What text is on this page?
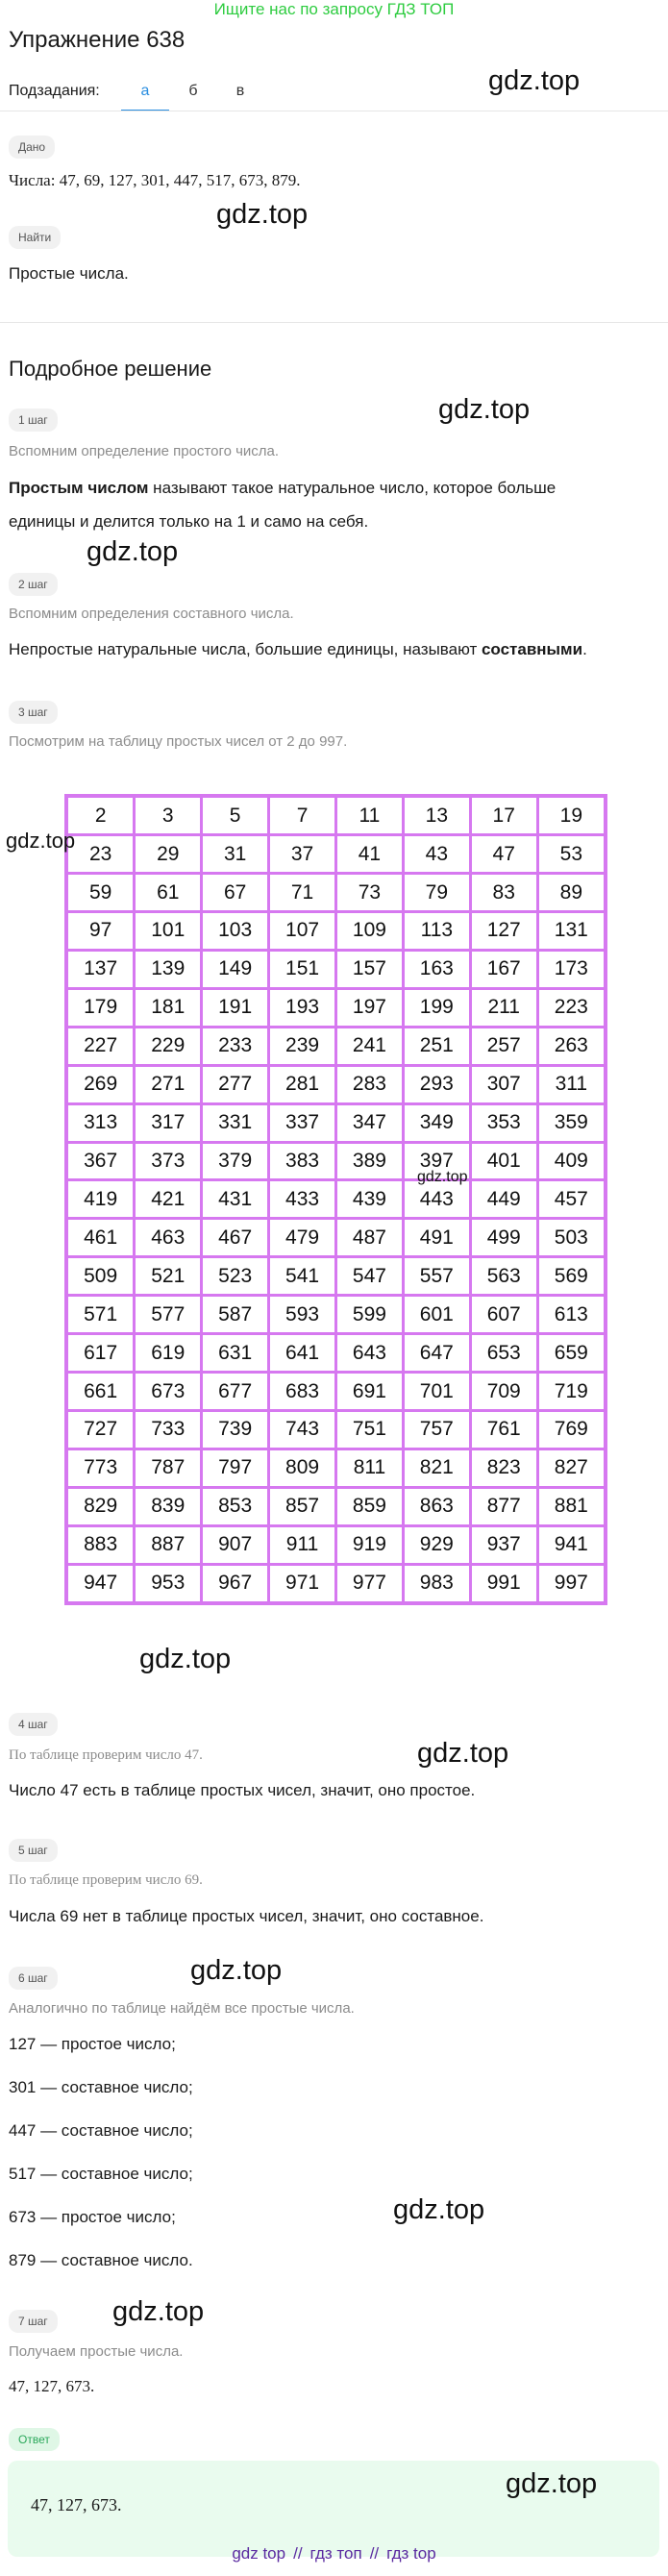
Ищите нас по запросу ГДЗ ТОП
Упражнение 638
Подзадания:	а	б	в
Дано
Числа: 47, 69, 127, 301, 447, 517, 673, 879.
Найти
Простые числа.
Подробное решение
1 шаг
Вспомним определение простого числа.
Простым числом называют такое натуральное число, которое больше
единицы и делится только на 1 и само на себя.
2 шаг
Вспомним определения составного числа.
Непростые натуральные числа, большие единицы, называют составными.
3 шаг
Посмотрим на таблицу простых чисел от 2 до 997.
2	3	5	7	11	13	17	19
23	29	31	37	41	43	47	53
59	61	67	71	73	79	83	89
97	101	103	107	109	113	127	131
137	139	149	151	157	163	167	173
179	181	191	193	197	199	211	223
227	229	233	239	241	251	257	263
269	271	277	281	283	293	307	311
313	317	331	337	347	349	353	359
367	373	379	383	389	397	401	409
419	421	431	433	439	443	449	457
461	463	467	479	487	491	499	503
509	521	523	541	547	557	563	569
571	577	587	593	599	601	607	613
617	619	631	641	643	647	653	659
661	673	677	683	691	701	709	719
727	733	739	743	751	757	761	769
773	787	797	809	811	821	823	827
829	839	853	857	859	863	877	881
883	887	907	911	919	929	937	941
947	953	967	971	977	983	991	997
4 шаг
По таблице проверим число 47.
Число 47 есть в таблице простых чисел, значит, оно простое.
5 шаг
По таблице проверим число 69.
Числа 69 нет в таблице простых чисел, значит, оно составное.
6 шаг
Аналогично по таблице найдём все простые числа.
127 — простое число;
301 — составное число;
447 — составное число;
517 — составное число;
673 — простое число;
879 — составное число.
7 шаг
Получаем простые числа.
47, 127, 673.
Ответ
47, 127, 673.
gdz.top
gdz.top
gdz.top
gdz.top
gdz.top
gdz.top
gdz.top
gdz.top
gdz.top
gdz.top
gdz.top
gdz.top
gdz top // гдз топ // гдз top
